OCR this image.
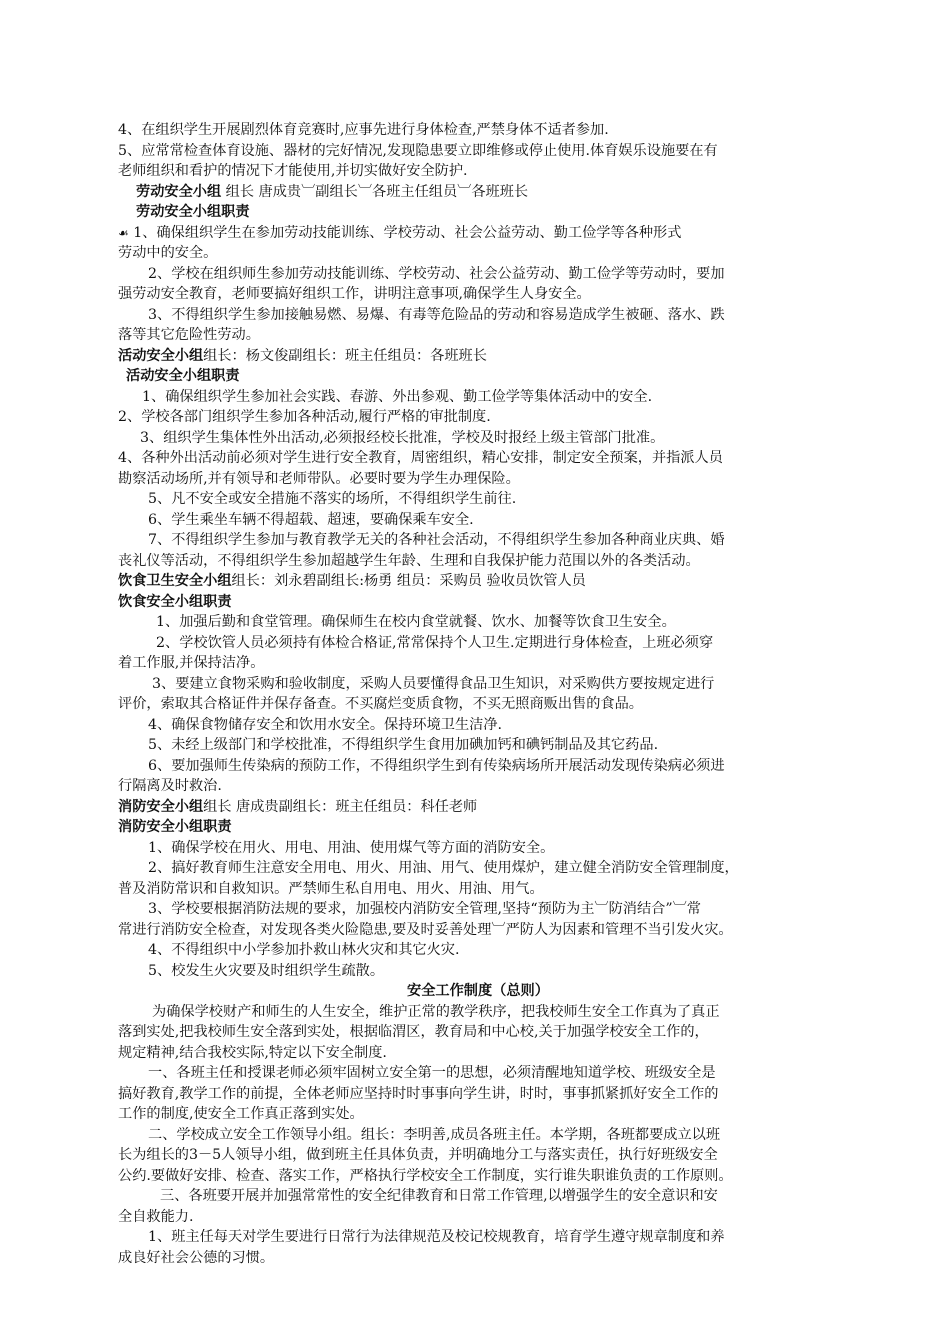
4、在组织学生开展剧烈体育竞赛时,应事先进行身体检查,严禁身体不适者参加.
5、应常常检查体育设施、器材的完好情况,发现隐患要立即维修或停止使用.体育娱乐设施要在有
老师组织和看护的情况下才能使用,并切实做好安全防护.
劳动安全小组 组长 唐成贵︺副组长︺各班主任组员︺各班班长
劳动安全小组职责
☙ 1、确保组织学生在参加劳动技能训练、学校劳动、社会公益劳动、勤工俭学等各种形式
劳动中的安全。
2、学校在组织师生参加劳动技能训练、学校劳动、社会公益劳动、勤工俭学等劳动时，要加
强劳动安全教育，老师要搞好组织工作，讲明注意事项,确保学生人身安全。
3、不得组织学生参加接触易燃、易爆、有毒等危险品的劳动和容易造成学生被砸、落水、跌
落等其它危险性劳动。
活动安全小组组长：杨文俊副组长：班主任组员：各班班长
活动安全小组职责
1、确保组织学生参加社会实践、春游、外出参观、勤工俭学等集体活动中的安全.
2、学校各部门组织学生参加各种活动,履行严格的审批制度.
3、组织学生集体性外出活动,必须报经校长批准，学校及时报经上级主管部门批准。
4、各种外出活动前必须对学生进行安全教育，周密组织，精心安排，制定安全预案，并指派人员
勘察活动场所,并有领导和老师带队。必要时要为学生办理保险。
5、凡不安全或安全措施不落实的场所，不得组织学生前往.
6、学生乘坐车辆不得超载、超速，要确保乘车安全.
7、不得组织学生参加与教育教学无关的各种社会活动，不得组织学生参加各种商业庆典、婚
丧礼仪等活动，不得组织学生参加超越学生年龄、生理和自我保护能力范围以外的各类活动。
饮食卫生安全小组组长：刘永碧副组长:杨勇 组员：采购员 验收员饮管人员
饮食安全小组职责
1、加强后勤和食堂管理。确保师生在校内食堂就餐、饮水、加餐等饮食卫生安全。
2、学校饮管人员必须持有体检合格证,常常保持个人卫生.定期进行身体检查，上班必须穿
着工作服,并保持洁净。
3、要建立食物采购和验收制度，采购人员要懂得食品卫生知识，对采购供方要按规定进行
评价，索取其合格证件并保存备查。不买腐烂变质食物，不买无照商贩出售的食品。
4、确保食物储存安全和饮用水安全。保持环境卫生洁净.
5、未经上级部门和学校批准，不得组织学生食用加碘加钙和碘钙制品及其它药品.
6、要加强师生传染病的预防工作，不得组织学生到有传染病场所开展活动发现传染病必须进
行隔离及时救治.
消防安全小组组长 唐成贵副组长：班主任组员：科任老师
消防安全小组职责
1、确保学校在用火、用电、用油、使用煤气等方面的消防安全。
2、搞好教育师生注意安全用电、用火、用油、用气、使用煤炉，建立健全消防安全管理制度，
普及消防常识和自救知识。严禁师生私自用电、用火、用油、用气。
3、学校要根据消防法规的要求，加强校内消防安全管理,坚持“预防为主︺防消结合”︺常
常进行消防安全检查，对发现各类火险隐患,要及时妥善处理︺严防人为因素和管理不当引发火灾。
4、不得组织中小学参加扑救山林火灾和其它火灾.
5、校发生火灾要及时组织学生疏散。
安全工作制度（总则）
为确保学校财产和师生的人生安全，维护正常的教学秩序，把我校师生安全工作真为了真正
落到实处,把我校师生安全落到实处，根据临渭区，教育局和中心校,关于加强学校安全工作的，
规定精神,结合我校实际,特定以下安全制度.
一、各班主任和授课老师必须牢固树立安全第一的思想，必须清醒地知道学校、班级安全是
搞好教育,教学工作的前提，全体老师应坚持时时事事向学生讲，时时，事事抓紧抓好安全工作的
工作的制度,使安全工作真正落到实处。
二、学校成立安全工作领导小组。组长：李明善,成员各班主任。本学期，各班都要成立以班
长为组长的3－5人领导小组，做到班主任具体负责，并明确地分工与落实责任，执行好班级安全
公约.要做好安排、检查、落实工作，严格执行学校安全工作制度，实行谁失职谁负责的工作原则。
三、各班要开展并加强常常性的安全纪律教育和日常工作管理,以增强学生的安全意识和安
全自救能力.
1、班主任每天对学生要进行日常行为法律规范及校记校规教育，培育学生遵守规章制度和养
成良好社会公德的习惯。
